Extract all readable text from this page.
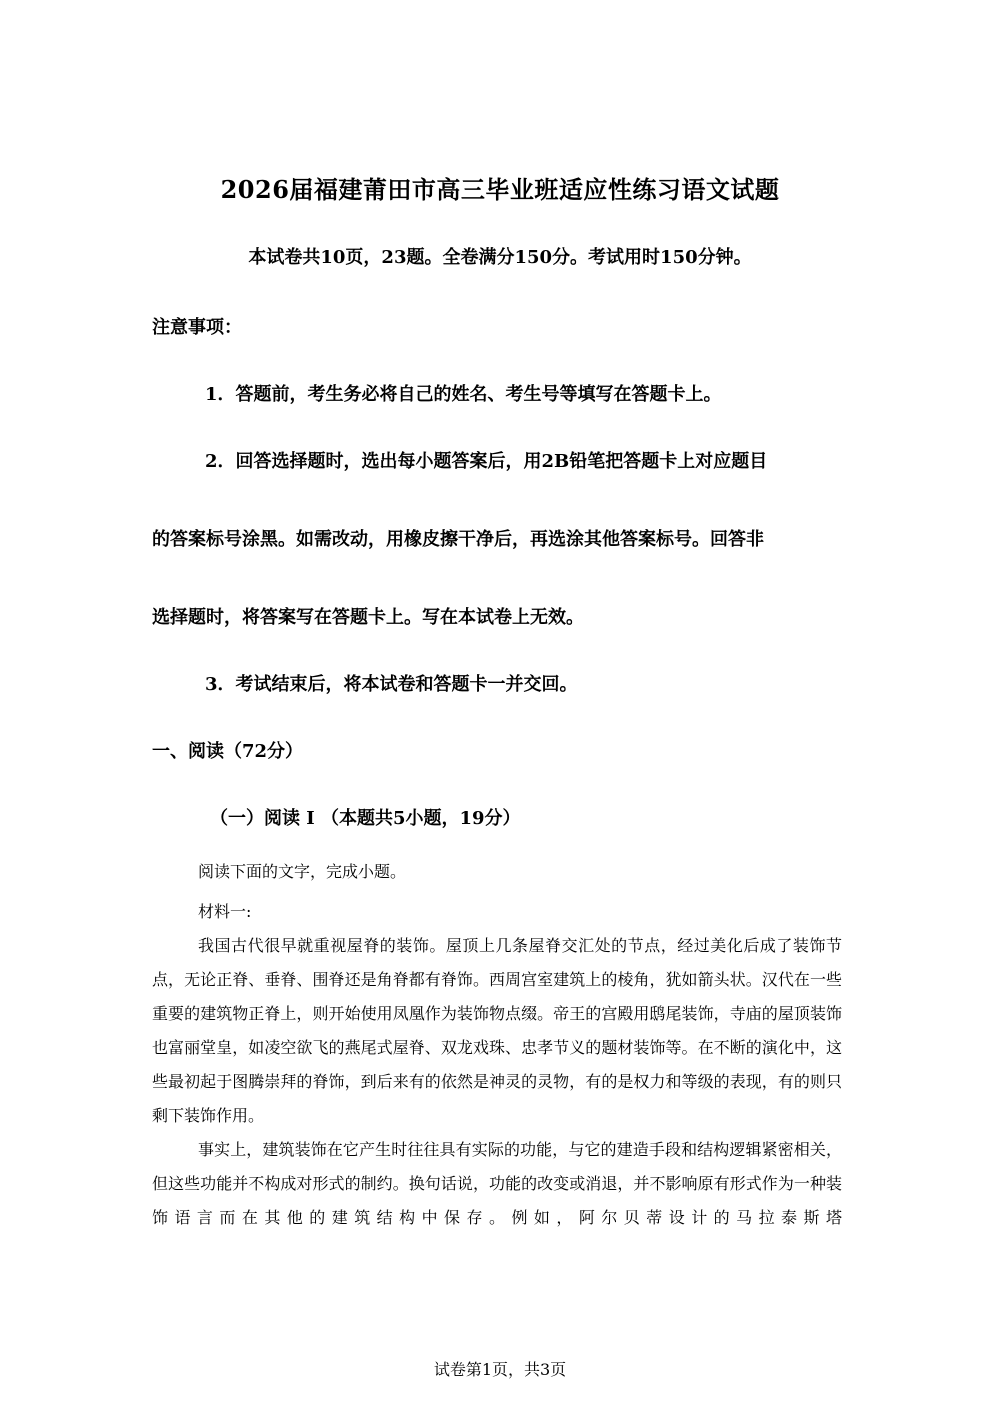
2026届福建莆田市高三毕业班适应性练习语文试题
本试卷共10页，23题。全卷满分150分。考试用时150分钟。
注意事项：
1．答题前，考生务必将自己的姓名、考生号等填写在答题卡上。
2．回答选择题时，选出每小题答案后，用2B铅笔把答题卡上对应题目
的答案标号涂黑。如需改动，用橡皮擦干净后，再选涂其他答案标号。回答非
选择题时，将答案写在答题卡上。写在本试卷上无效。
3．考试结束后，将本试卷和答题卡一并交回。
一、阅读（72分）
（一）阅读 I （本题共5小题，19分）
阅读下面的文字，完成小题。
材料一:

我国古代很早就重视屋脊的装饰。屋顶上几条屋脊交汇处的节点，经过美化后成了装饰节点，无论正脊、垂脊、围脊还是角脊都有脊饰。西周宫室建筑上的棱角，犹如箭头状。汉代在一些重要的建筑物正脊上，则开始使用凤凰作为装饰物点缀。帝王的宫殿用鸱尾装饰，寺庙的屋顶装饰也富丽堂皇，如凌空欲飞的燕尾式屋脊、双龙戏珠、忠孝节义的题材装饰等。在不断的演化中，这些最初起于图腾崇拜的脊饰，到后来有的依然是神灵的灵物，有的是权力和等级的表现，有的则只剩下装饰作用。

事实上，建筑装饰在它产生时往往具有实际的功能，与它的建造手段和结构逻辑紧密相关，但这些功能并不构成对形式的制约。换句话说，功能的改变或消退，并不影响原有形式作为一种装饰语言而在其他的建筑结构中保存。例如，阿尔贝蒂设计的马拉泰斯塔

试卷第1页，共3页
